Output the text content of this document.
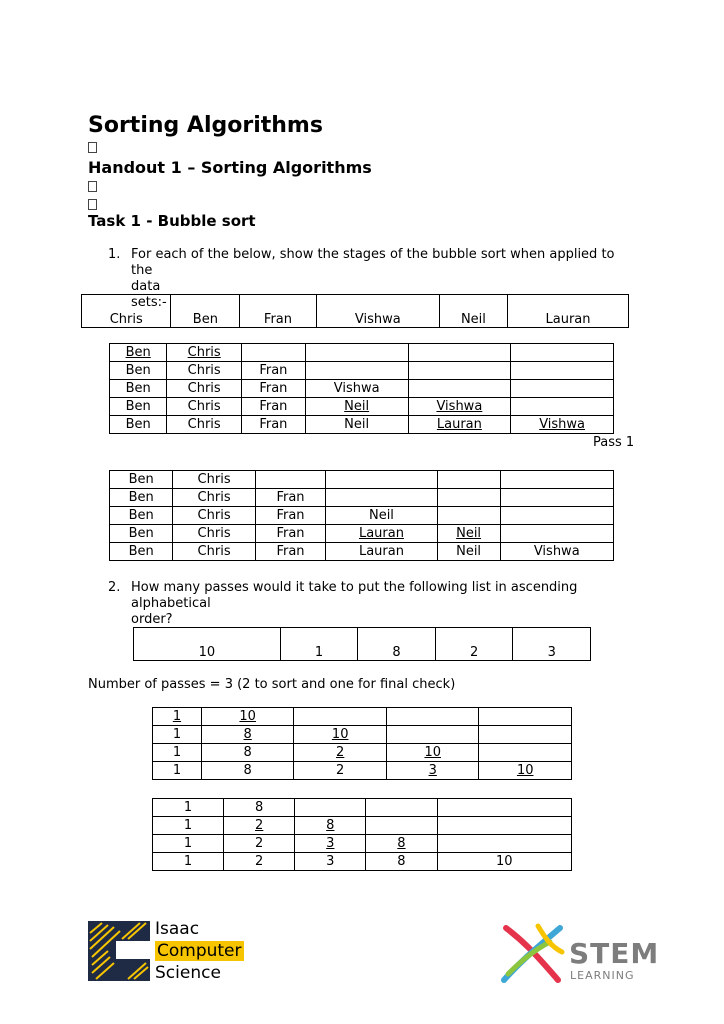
Sorting Algorithms
Handout 1 – Sorting Algorithms
Task 1 - Bubble sort
1. For each of the below, show the stages of the bubble sort when applied to
the data sets:-
Chris	Ben	Fran	Vishwa	Neil	Lauran
Ben	Chris				
Ben	Chris	Fran			
Ben	Chris	Fran	Vishwa		
Ben	Chris	Fran	Neil	Vishwa	
Ben	Chris	Fran	Neil	Lauran	Vishwa
Pass 1
Ben	Chris				
Ben	Chris	Fran			
Ben	Chris	Fran	Neil		
Ben	Chris	Fran	Lauran	Neil	
Ben	Chris	Fran	Lauran	Neil	Vishwa
2. How many passes would it take to put the following list in ascending
alphabetical order?
10	1	8	2	3
Number of passes = 3 (2 to sort and one for final check)
1	10			
1	8	10		
1	8	2	10	
1	8	2	3	10
1	8			
1	2	8		
1	2	3	8	
1	2	3	8	10
Isaac
Computer
Science
STEM
LEARNING
